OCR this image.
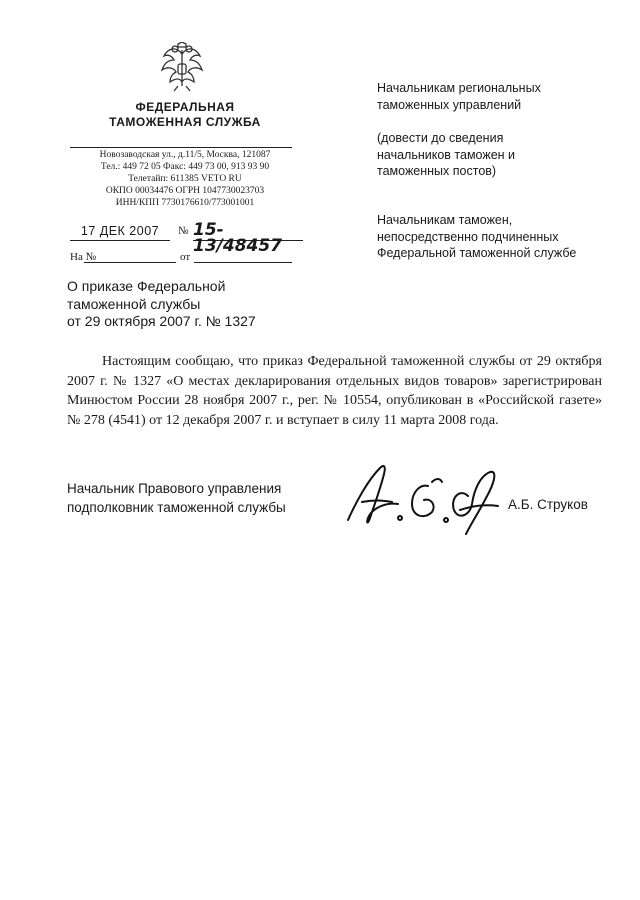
ФЕДЕРАЛЬНАЯ
ТАМОЖЕННАЯ СЛУЖБА
Новозаводская ул., д.11/5, Москва, 121087
Тел.: 449 72 05 Факс: 449 73 00, 913 93 90
Телетайп: 611385 VETO RU
ОКПО 00034476 ОГРН 1047730023703
ИНН/КПП 7730176610/773001001
17 ДЕК 2007	№ 15-13/48457
На №	от
Начальникам региональных
таможенных управлений
(довести до сведения
начальников таможен и
таможенных постов)
Начальникам таможен,
непосредственно подчиненных
Федеральной таможенной службе
О приказе Федеральной
таможенной службы
от 29 октября 2007 г. № 1327
Настоящим сообщаю, что приказ Федеральной таможенной службы от 29 октября 2007 г. № 1327 «О местах декларирования отдельных видов товаров» зарегистрирован Минюстом России 28 ноября 2007 г., рег. № 10554, опубликован в «Российской газете» № 278 (4541) от 12 декабря 2007 г. и вступает в силу 11 марта 2008 года.
Начальник Правового управления
подполковник таможенной службы	А.Б. Струков
